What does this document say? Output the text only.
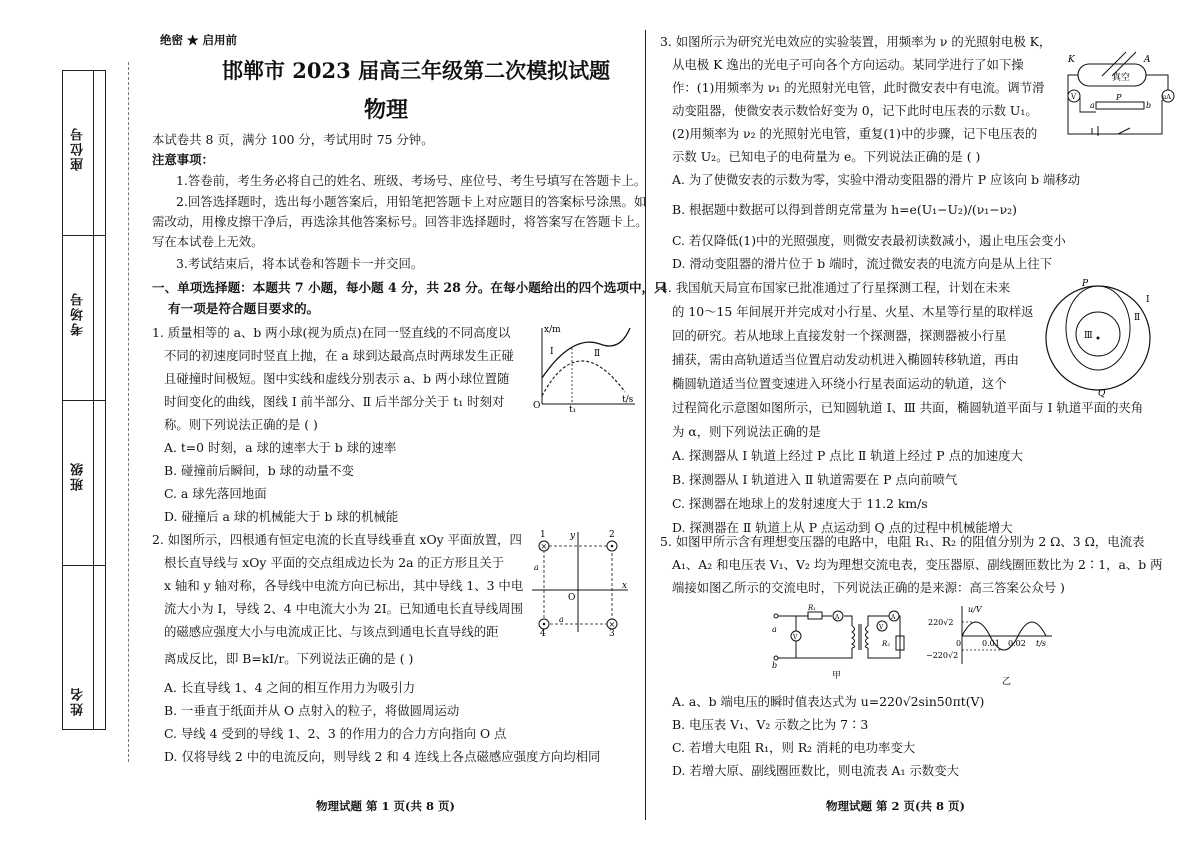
座位号
考场号
班级
姓名
绝密 ★ 启用前
邯郸市 2023 届高三年级第二次模拟试题
物理
本试卷共 8 页，满分 100 分，考试用时 75 分钟。
注意事项：
1.答卷前，考生务必将自己的姓名、班级、考场号、座位号、考生号填写在答题卡上。
2.回答选择题时，选出每小题答案后，用铅笔把答题卡上对应题目的答案标号涂黑。如
需改动，用橡皮擦干净后，再选涂其他答案标号。回答非选择题时，将答案写在答题卡上。
写在本试卷上无效。
3.考试结束后，将本试卷和答题卡一并交回。
一、单项选择题：本题共 7 小题，每小题 4 分，共 28 分。在每小题给出的四个选项中，只
有一项是符合题目要求的。
1. 质量相等的 a、b 两小球(视为质点)在同一竖直线的不同高度以
不同的初速度同时竖直上抛，在 a 球到达最高点时两球发生正碰
且碰撞时间极短。图中实线和虚线分别表示 a、b 两小球位置随
时间变化的曲线，图线 Ⅰ 前半部分、Ⅱ 后半部分关于 t₁ 时刻对
称。则下列说法正确的是 ( )
A. t=0 时刻，a 球的速率大于 b 球的速率
B. 碰撞前后瞬间，b 球的动量不变
C. a 球先落回地面
D. 碰撞后 a 球的机械能大于 b 球的机械能
x/m
t/s
O	t₁
Ⅰ	Ⅱ
2. 如图所示，四根通有恒定电流的长直导线垂直 xOy 平面放置，四
根长直导线与 xOy 平面的交点组成边长为 2a 的正方形且关于
x 轴和 y 轴对称，各导线中电流方向已标出，其中导线 1、3 中电
流大小为 I，导线 2、4 中电流大小为 2I。已知通电长直导线周围
的磁感应强度大小与电流成正比、与该点到通电长直导线的距
离成反比，即 B=kI/r。下列说法正确的是 ( )
A. 长直导线 1、4 之间的相互作用力为吸引力
B. 一垂直于纸面并从 O 点射入的粒子，将做圆周运动
C. 导线 4 受到的导线 1、2、3 的作用力的合力方向指向 O 点
D. 仅将导线 2 中的电流反向，则导线 2 和 4 连线上各点磁感应强度方向均相同
×
×
1	2
3
4
x
y
O
a
a
3. 如图所示为研究光电效应的实验装置，用频率为 ν 的光照射电极 K，
从电极 K 逸出的光电子可向各个方向运动。某同学进行了如下操
作：(1)用频率为 ν₁ 的光照射光电管，此时微安表中有电流。调节滑
动变阻器，使微安表示数恰好变为 0，记下此时电压表的示数 U₁。
(2)用频率为 ν₂ 的光照射光电管，重复(1)中的步骤，记下电压表的
示数 U₂。已知电子的电荷量为 e。下列说法正确的是 ( )
A. 为了使微安表的示数为零，实验中滑动变阻器的滑片 P 应该向 b 端移动
B. 根据题中数据可以得到普朗克常量为 h=e(U₁−U₂)/(ν₁−ν₂)
C. 若仅降低(1)中的光照强度，则微安表最初读数减小，遏止电压会变小
D. 滑动变阻器的滑片位于 b 端时，流过微安表的电流方向是从上往下
K	A
真空
μA
V	P
a	b
4. 我国航天局宣布国家已批准通过了行星探测工程，计划在未来
的 10～15 年间展开并完成对小行星、火星、木星等行星的取样返
回的研究。若从地球上直接发射一个探测器，探测器被小行星
捕获，需由高轨道适当位置启动发动机进入椭圆转移轨道，再由
椭圆轨道适当位置变速进入环绕小行星表面运动的轨道，这个
过程简化示意图如图所示，已知圆轨道 Ⅰ、Ⅲ 共面，椭圆轨道平面与 Ⅰ 轨道平面的夹角
为 α，则下列说法正确的是
A. 探测器从 Ⅰ 轨道上经过 P 点比 Ⅱ 轨道上经过 P 点的加速度大
B. 探测器从 Ⅰ 轨道进入 Ⅱ 轨道需要在 P 点向前喷气
C. 探测器在地球上的发射速度大于 11.2 km/s
D. 探测器在 Ⅱ 轨道上从 P 点运动到 Q 点的过程中机械能增大
P
Q
Ⅰ
Ⅱ
Ⅲ
5. 如图甲所示含有理想变压器的电路中，电阻 R₁、R₂ 的阻值分别为 2 Ω、3 Ω，电流表
A₁、A₂ 和电压表 V₁、V₂ 均为理想交流电表，变压器原、副线圈匝数比为 2∶1，a、b 两
端接如图乙所示的交流电时，下列说法正确的是来源：高三答案公众号 )
a
b
R₁
A
V
V
A
R₂
甲
u/V
220√2
−220√2
0	0.01 0.02 t/s
乙
A. a、b 端电压的瞬时值表达式为 u=220√2sin50πt(V)
B. 电压表 V₁、V₂ 示数之比为 7∶3
C. 若增大电阻 R₁，则 R₂ 消耗的电功率变大
D. 若增大原、副线圈匝数比，则电流表 A₁ 示数变大
物理试题 第 1 页(共 8 页)	物理试题 第 2 页(共 8 页)
